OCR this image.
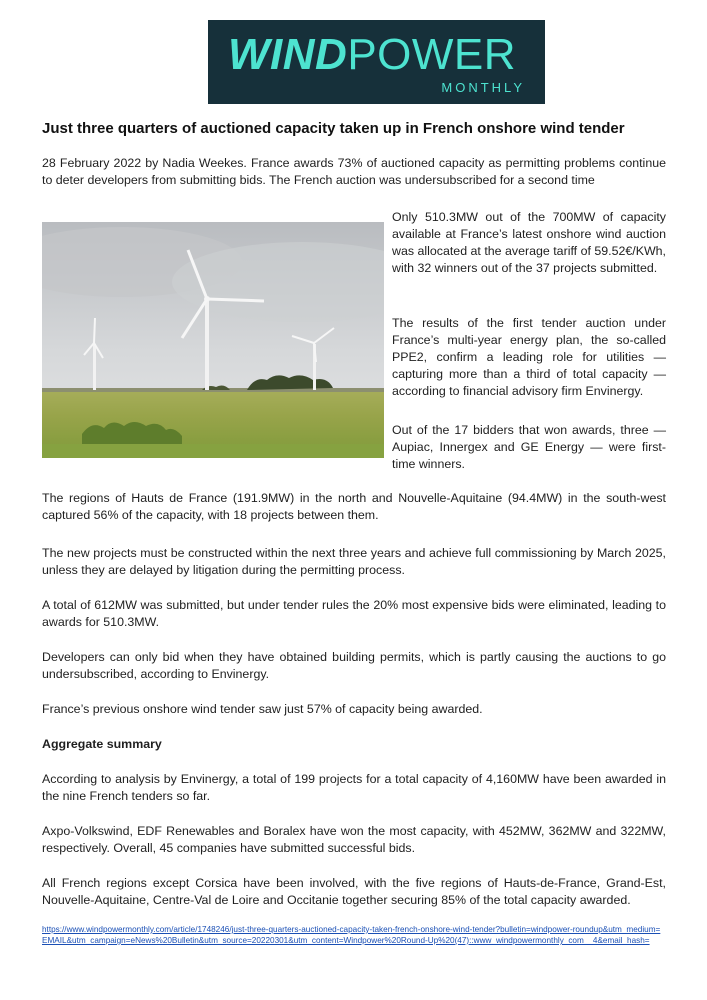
WINDPOWER
MONTHLY
Just three quarters of auctioned capacity taken up in French onshore wind tender

28 February 2022 by Nadia Weekes. France awards 73% of auctioned capacity as permitting problems continue to deter developers from submitting bids. The French auction was undersubscribed for a second time

Only 510.3MW out of the 700MW of capacity available at France’s latest onshore wind auction was allocated at the average tariff of 59.52€/KWh, with 32 winners out of the 37 projects submitted.

The results of the first tender auction under France’s multi-year energy plan, the so-called PPE2, confirm a leading role for utilities — capturing more than a third of total capacity — according to financial advisory firm Envinergy.

Out of the 17 bidders that won awards, three — Aupiac, Innergex and GE Energy — were first-time winners.

The regions of Hauts de France (191.9MW) in the north and Nouvelle-Aquitaine (94.4MW) in the south-west captured 56% of the capacity, with 18 projects between them.

The new projects must be constructed within the next three years and achieve full commissioning by March 2025, unless they are delayed by litigation during the permitting process.

A total of 612MW was submitted, but under tender rules the 20% most expensive bids were eliminated, leading to awards for 510.3MW.

Developers can only bid when they have obtained building permits, which is partly causing the auctions to go undersubscribed, according to Envinergy.

France’s previous onshore wind tender saw just 57% of capacity being awarded.

Aggregate summary

According to analysis by Envinergy, a total of 199 projects for a total capacity of 4,160MW have been awarded in the nine French tenders so far.

Axpo-Volkswind, EDF Renewables and Boralex have won the most capacity, with 452MW, 362MW and 322MW, respectively. Overall, 45 companies have submitted successful bids.

All French regions except Corsica have been involved, with the five regions of Hauts-de-France, Grand-Est, Nouvelle-Aquitaine, Centre-Val de Loire and Occitanie together securing 85% of the total capacity awarded.

https://www.windpowermonthly.com/article/1748246/just-three-quarters-auctioned-capacity-taken-french-onshore-wind-tender?bulletin=windpower-roundup&utm_medium=EMAIL&utm_campaign=eNews%20Bulletin&utm_source=20220301&utm_content=Windpower%20Round-Up%20(47)::www_windpowermonthly_com__4&email_hash=
